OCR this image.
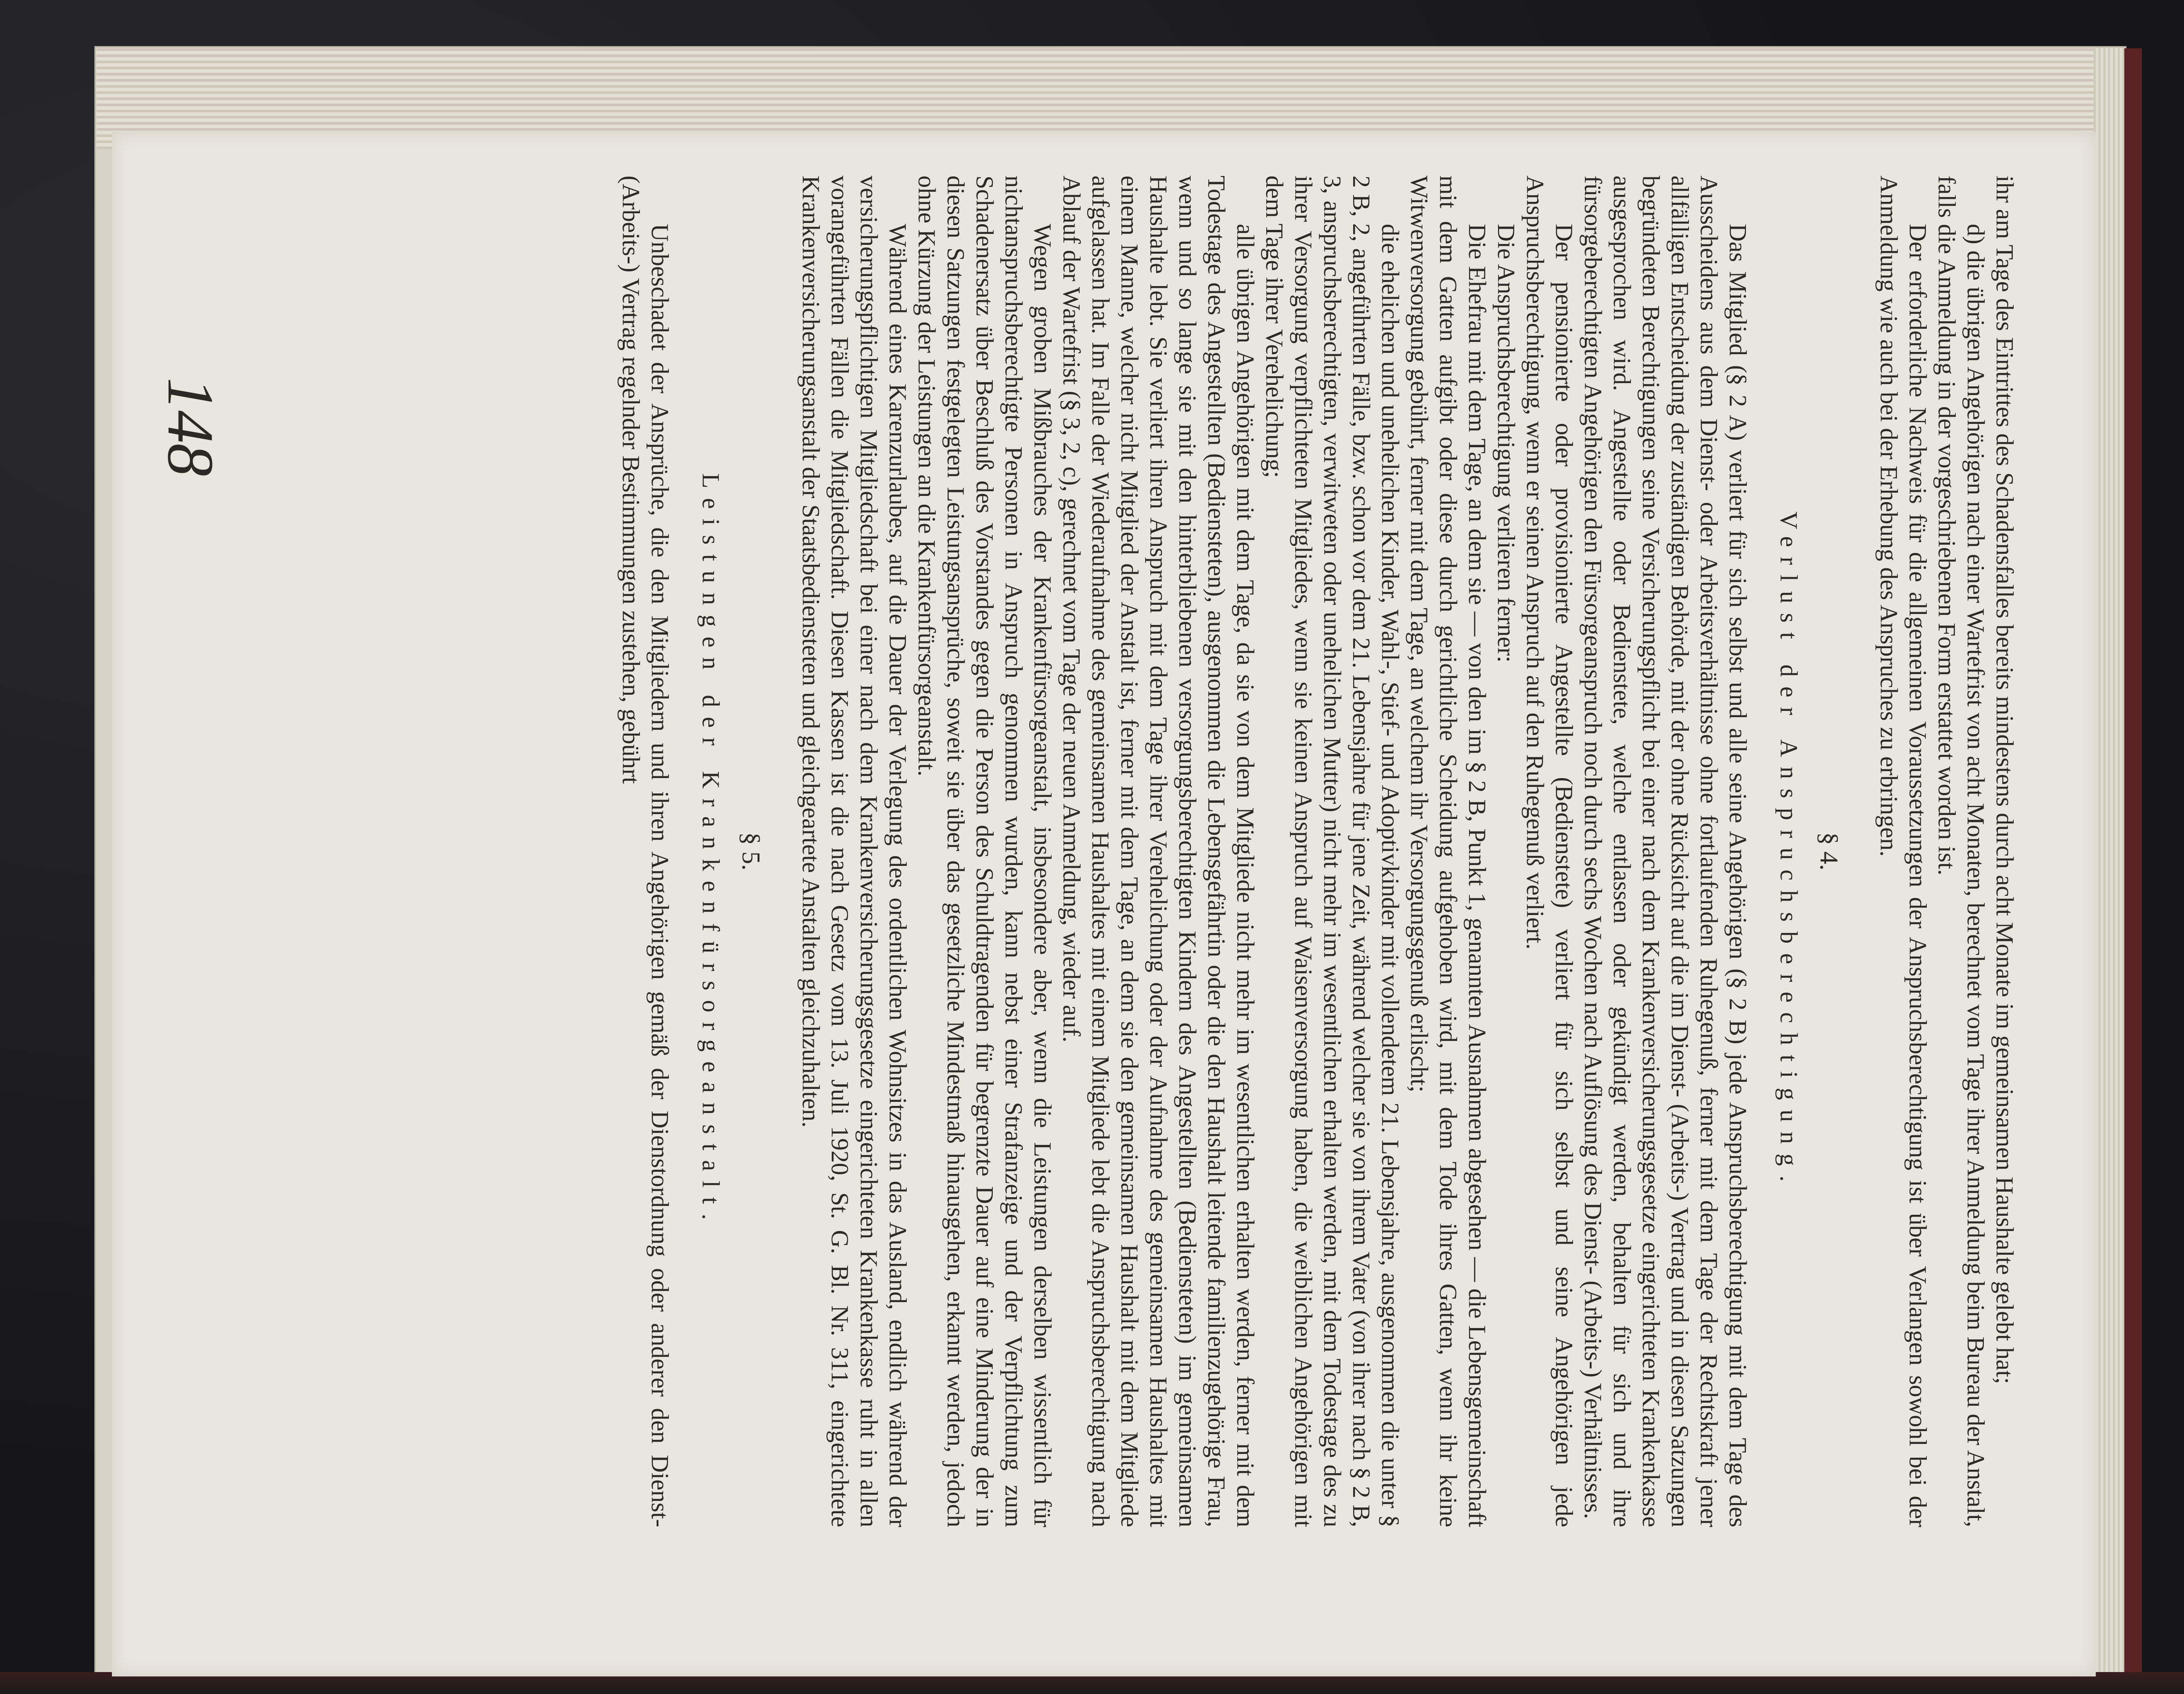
ihr am Tage des Eintrittes des Schadensfalles bereits mindestens durch acht Monate im gemeinsamen Haushalte gelebt hat;

d) die übrigen Angehörigen nach einer Wartefrist von acht Monaten, berechnet vom Tage ihrer Anmeldung beim Bureau der Anstalt, falls die Anmeldung in der vorgeschriebenen Form erstattet worden ist.

Der erforderliche Nachweis für die allgemeinen Voraussetzungen der Anspruchsberechtigung ist über Verlangen sowohl bei der Anmeldung wie auch bei der Erhebung des Anspruches zu erbringen.

§ 4.
Verlust der Anspruchsberechtigung.

Das Mitglied (§ 2 A) verliert für sich selbst und alle seine Angehörigen (§ 2 B) jede Anspruchsberechtigung mit dem Tage des Ausscheidens aus dem Dienst- oder Arbeitsverhältnisse ohne fortlaufenden Ruhegenuß, ferner mit dem Tage der Rechtskraft jener allfälligen Entscheidung der zuständigen Behörde, mit der ohne Rücksicht auf die im Dienst- (Arbeits-) Vertrag und in diesen Satzungen begründeten Berechtigungen seine Versicherungspflicht bei einer nach dem Krankenversicherungsgesetze eingerichteten Krankenkasse ausgesprochen wird. Angestellte oder Bedienstete, welche entlassen oder gekündigt werden, behalten für sich und ihre fürsorgeberechtigten Angehörigen den Fürsorgeanspruch noch durch sechs Wochen nach Auflösung des Dienst- (Arbeits-) Verhältnisses.

Der pensionierte oder provisionierte Angestellte (Bedienstete) verliert für sich selbst und seine Angehörigen jede Anspruchsberechtigung, wenn er seinen Anspruch auf den Ruhegenuß verliert.

Die Anspruchsberechtigung verlieren ferner:

Die Ehefrau mit dem Tage, an dem sie — von den im § 2 B, Punkt 1, genannten Ausnahmen abgesehen — die Lebensgemeinschaft mit dem Gatten aufgibt oder diese durch gerichtliche Scheidung aufgehoben wird, mit dem Tode ihres Gatten, wenn ihr keine Witwenversorgung gebührt, ferner mit dem Tage, an welchem ihr Versorgungsgenuß erlischt;

die ehelichen und unehelichen Kinder, Wahl-, Stief- und Adoptivkinder mit vollendetem 21. Lebensjahre, ausgenommen die unter § 2 B, 2, angeführten Fälle, bzw. schon vor dem 21. Lebensjahre für jene Zeit, während welcher sie von ihrem Vater (von ihrer nach § 2 B, 3, anspruchsberechtigten, verwitweten oder unehelichen Mutter) nicht mehr im wesentlichen erhalten werden, mit dem Todestage des zu ihrer Versorgung verpflichteten Mitgliedes, wenn sie keinen Anspruch auf Waisenversorgung haben, die weiblichen Angehörigen mit dem Tage ihrer Verehelichung;

alle übrigen Angehörigen mit dem Tage, da sie von dem Mitgliede nicht mehr im wesentlichen erhalten werden, ferner mit dem Todestage des Angestellten (Bediensteten), ausgenommen die Lebensgefährtin oder die den Haushalt leitende familienzugehörige Frau, wenn und so lange sie mit den hinterbliebenen versorgungsberechtigten Kindern des Angestellten (Bediensteten) im gemeinsamen Haushalte lebt. Sie verliert ihren Anspruch mit dem Tage ihrer Verehelichung oder der Aufnahme des gemeinsamen Haushaltes mit einem Manne, welcher nicht Mitglied der Anstalt ist, ferner mit dem Tage, an dem sie den gemeinsamen Haushalt mit dem Mitgliede aufgelassen hat. Im Falle der Wiederaufnahme des gemeinsamen Haushaltes mit einem Mitgliede lebt die Anspruchsberechtigung nach Ablauf der Wartefrist (§ 3, 2, c), gerechnet vom Tage der neuen Anmeldung, wieder auf.

Wegen groben Mißbrauches der Krankenfürsorgeanstalt, insbesondere aber, wenn die Leistungen derselben wissentlich für nichtanspruchsberechtigte Personen in Anspruch genommen wurden, kann nebst einer Strafanzeige und der Verpflichtung zum Schadenersatz über Beschluß des Vorstandes gegen die Person des Schuldtragenden für begrenzte Dauer auf eine Minderung der in diesen Satzungen festgelegten Leistungsansprüche, soweit sie über das gesetzliche Mindestmaß hinausgehen, erkannt werden, jedoch ohne Kürzung der Leistungen an die Krankenfürsorgeanstalt.

Während eines Karenzurlaubes, auf die Dauer der Verlegung des ordentlichen Wohnsitzes in das Ausland, endlich während der versicherungspflichtigen Mitgliedschaft bei einer nach dem Krankenversicherungsgesetze eingerichteten Krankenkasse ruht in allen vorangeführten Fällen die Mitgliedschaft. Diesen Kassen ist die nach Gesetz vom 13. Juli 1920, St. G. Bl. Nr. 311, eingerichtete Krankenversicherungsanstalt der Staatsbediensteten und gleichgeartete Anstalten gleichzuhalten.

§ 5.
Leistungen der Krankenfürsorgeanstalt.

Unbeschadet der Ansprüche, die den Mitgliedern und ihren Angehörigen gemäß der Dienstordnung oder anderer den Dienst- (Arbeits-) Vertrag regelnder Bestimmungen zustehen, gebührt

148
